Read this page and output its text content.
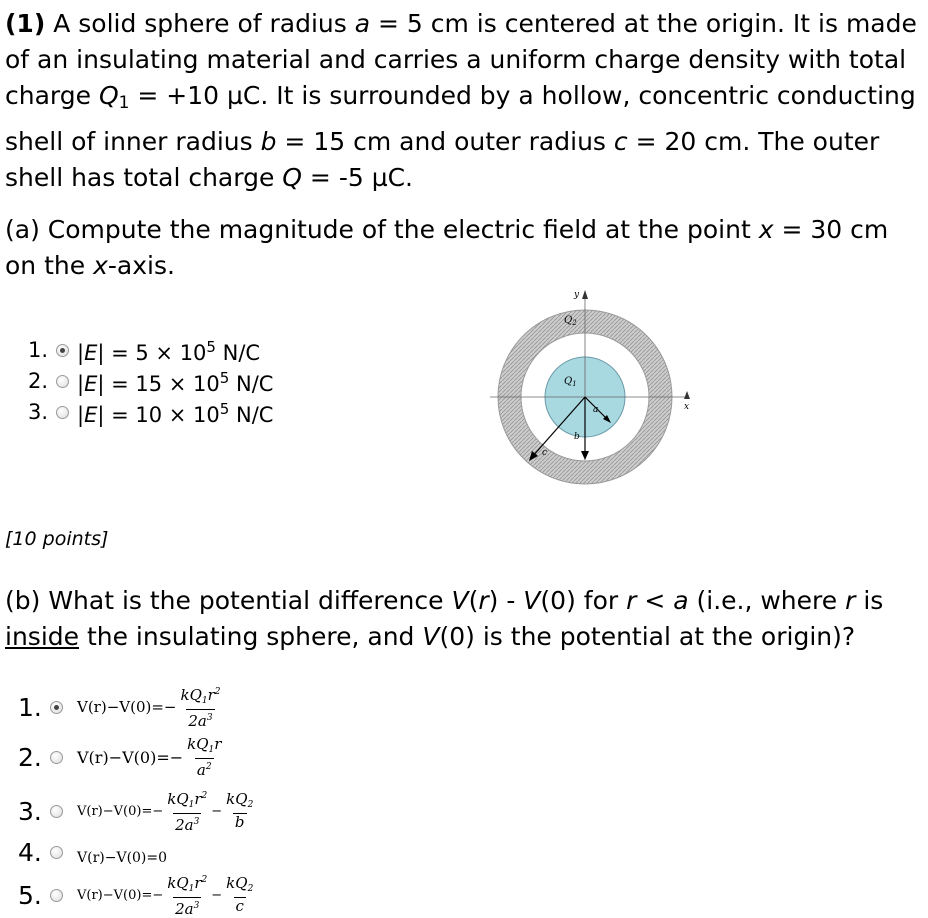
(1) A solid sphere of radius a = 5 cm is centered at the origin. It is made
of an insulating material and carries a uniform charge density with total
charge $Q_1 = +10$ µC. It is surrounded by a hollow, concentric conducting
shell of inner radius b = 15 cm and outer radius c = 20 cm. The outer
shell has total charge Q = -5 µC.
(a) Compute the magnitude of the electric field at the point x = 30 cm
on the x-axis.
1. $|E| = 5 \times 10^5$ N/C
2. $|E| = 15 \times 10^5$ N/C
3. $|E| = 10 \times 10^5$ N/C
y
x
$Q_2$
$Q_1$
a
b
c
[10 points]
(b) What is the potential difference V(r) - V(0) for r < a (i.e., where r is
inside the insulating sphere, and V(0) is the potential at the origin)?
1. $V(r)-V(0)=- \frac{kQ_1r^2}{2a^3}$
2. $V(r)-V(0)=- \frac{kQ_1r}{a^2}$
3.	$V(r)-V(0)=- \frac{kQ_1r^2}{2a^3} - \frac{kQ_2}{b}$
4.	V(r)−V(0)=0
5.	$V(r)-V(0)=- \frac{kQ_1r^2}{2a^3} - \frac{kQ_2}{c}$
